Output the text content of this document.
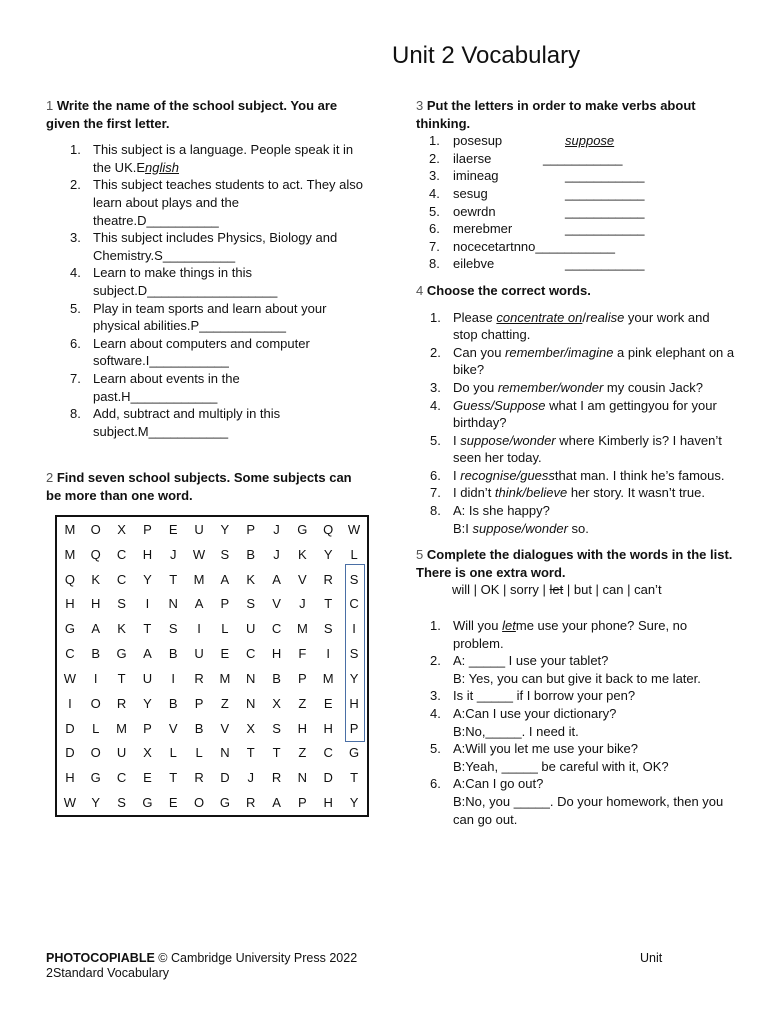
Unit 2 Vocabulary
1 Write the name of the school subject. You are given the first letter.
1. This subject is a language. People speak it in the UK.English
2. This subject teaches students to act. They also learn about plays and the theatre.D__________
3. This subject includes Physics, Biology and Chemistry.S__________
4. Learn to make things in this subject.D__________________
5. Play in team sports and learn about your physical abilities.P____________
6. Learn about computers and computer software.I___________
7. Learn about events in the past.H____________
8. Add, subtract and multiply in this subject.M___________
2 Find seven school subjects. Some subjects can be more than one word.
M	O	X	P	E	U	Y	P	J	G	Q	W
M	Q	C	H	J	W	S	B	J	K	Y	L
Q	K	C	Y	T	M	A	K	A	V	R	S
H	H	S	I	N	A	P	S	V	J	T	C
G	A	K	T	S	I	L	U	C	M	S	I
C	B	G	A	B	U	E	C	H	F	I	S
W	I	T	U	I	R	M	N	B	P	M	Y
I	O	R	Y	B	P	Z	N	X	Z	E	H
D	L	M	P	V	B	V	X	S	H	H	P
D	O	U	X	L	L	N	T	T	Z	C	G
H	G	C	E	T	R	D	J	R	N	D	T
W	Y	S	G	E	O	G	R	A	P	H	Y
3 Put the letters in order to make verbs about thinking.
1.	posesup	suppose
2.	ilaerse ___________	
3.	imineag	___________
4.	sesug	___________
5.	oewrdn	___________
6.	merebmer	___________
7.	nocecetartnno___________	
8.	eilebve	___________
4 Choose the correct words.
1. Please concentrate on/realise your work and stop chatting.
2. Can you remember/imagine a pink elephant on a bike?
3. Do you remember/wonder my cousin Jack?
4. Guess/Suppose what I am gettingyou for your birthday?
5. I suppose/wonder where Kimberly is? I haven’t seen her today.
6. I recognise/guessthat man. I think he’s famous.
7. I didn’t think/believe her story. It wasn’t true.
8. A: Is she happy?
B:I suppose/wonder so.
5 Complete the dialogues with the words in the list. There is one extra word.
will | OK | sorry | let | but | can | can’t
1. Will you letme use your phone? Sure, no problem.
2. A: _____ I use your tablet?
B: Yes, you can but give it back to me later.
3. Is it _____ if I borrow your pen?
4. A:Can I use your dictionary?
B:No,_____. I need it.
5. A:Will you let me use your bike?
B:Yeah, _____ be careful with it, OK?
6. A:Can I go out?
B:No, you _____. Do your homework, then you can go out.
PHOTOCOPIABLE © Cambridge University Press 2022
2Standard Vocabulary
Unit
